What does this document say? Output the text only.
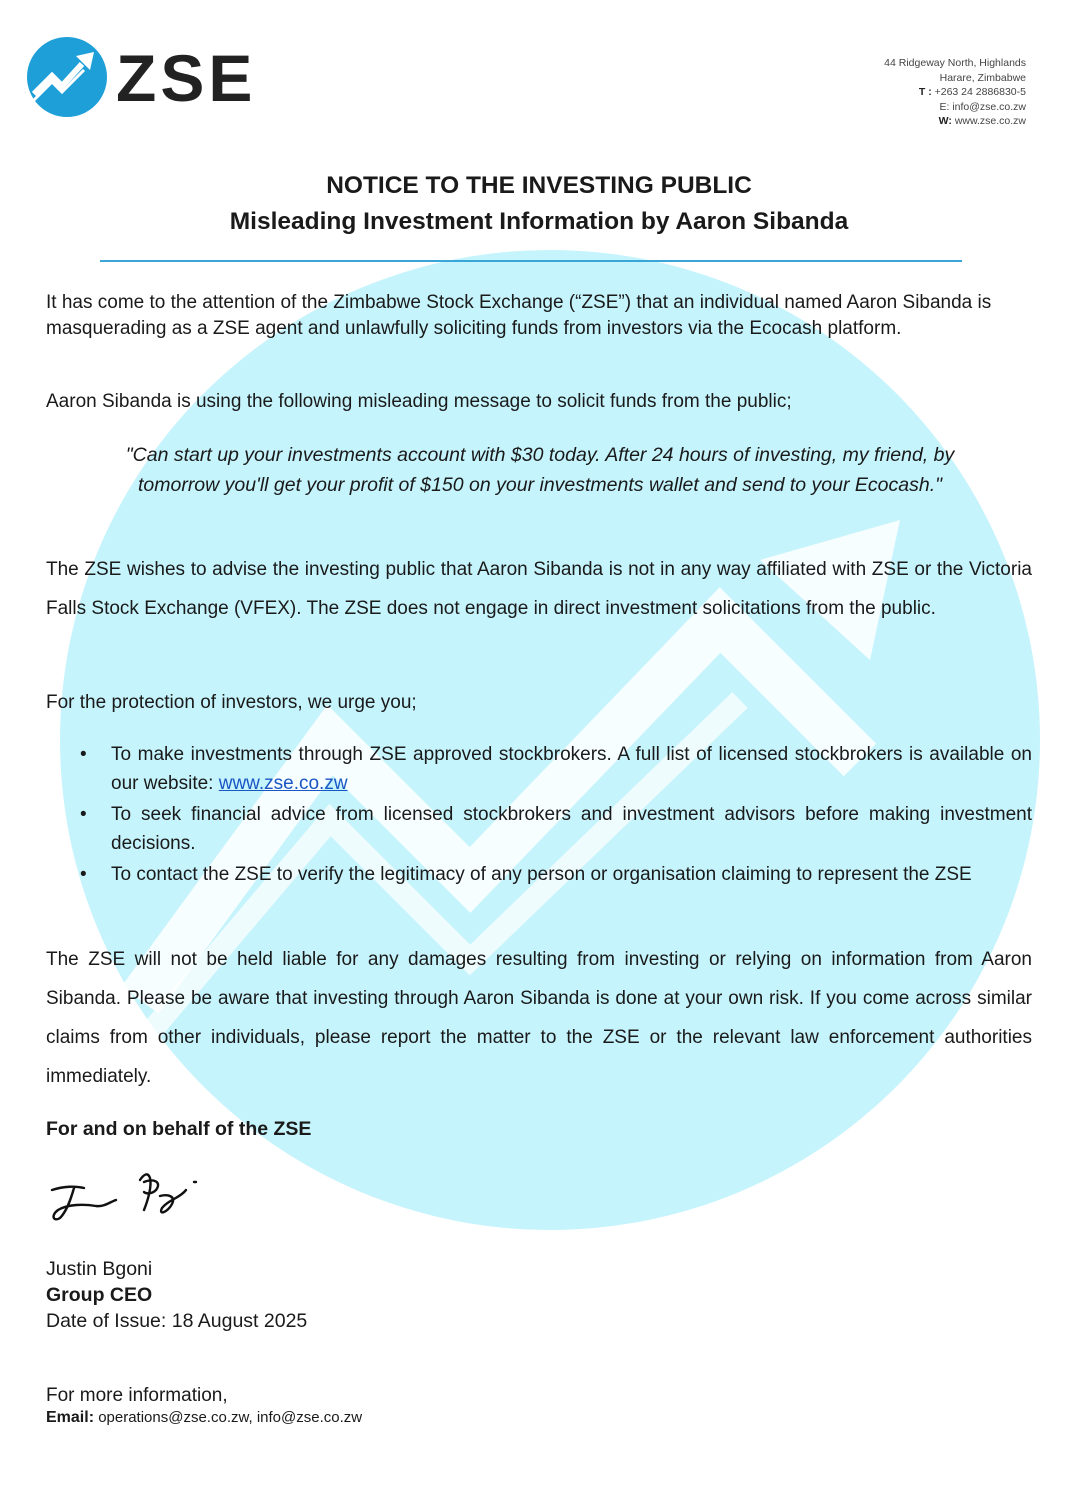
ZSE	44 Ridgeway North, Highlands
Harare, Zimbabwe
T : +263 24 2886830-5
E: info@zse.co.zw
W: www.zse.co.zw
NOTICE TO THE INVESTING PUBLIC
Misleading Investment Information by Aaron Sibanda
It has come to the attention of the Zimbabwe Stock Exchange (“ZSE”) that an individual named Aaron Sibanda is masquerading as a ZSE agent and unlawfully soliciting funds from investors via the Ecocash platform.
Aaron Sibanda is using the following misleading message to solicit funds from the public;
"Can start up your investments account with $30 today. After 24 hours of investing, my friend, by tomorrow you'll get your profit of $150 on your investments wallet and send to your Ecocash."
The ZSE wishes to advise the investing public that Aaron Sibanda is not in any way affiliated with ZSE or the Victoria Falls Stock Exchange (VFEX). The ZSE does not engage in direct investment solicitations from the public.
For the protection of investors, we urge you;
• To make investments through ZSE approved stockbrokers. A full list of licensed stockbrokers is available on our website: www.zse.co.zw
• To seek financial advice from licensed stockbrokers and investment advisors before making investment decisions.
• To contact the ZSE to verify the legitimacy of any person or organisation claiming to represent the ZSE
The ZSE will not be held liable for any damages resulting from investing or relying on information from Aaron Sibanda. Please be aware that investing through Aaron Sibanda is done at your own risk. If you come across similar claims from other individuals, please report the matter to the ZSE or the relevant law enforcement authorities immediately.
For and on behalf of the ZSE
Justin Bgoni
Group CEO
Date of Issue: 18 August 2025
For more information,
Email: operations@zse.co.zw, info@zse.co.zw
